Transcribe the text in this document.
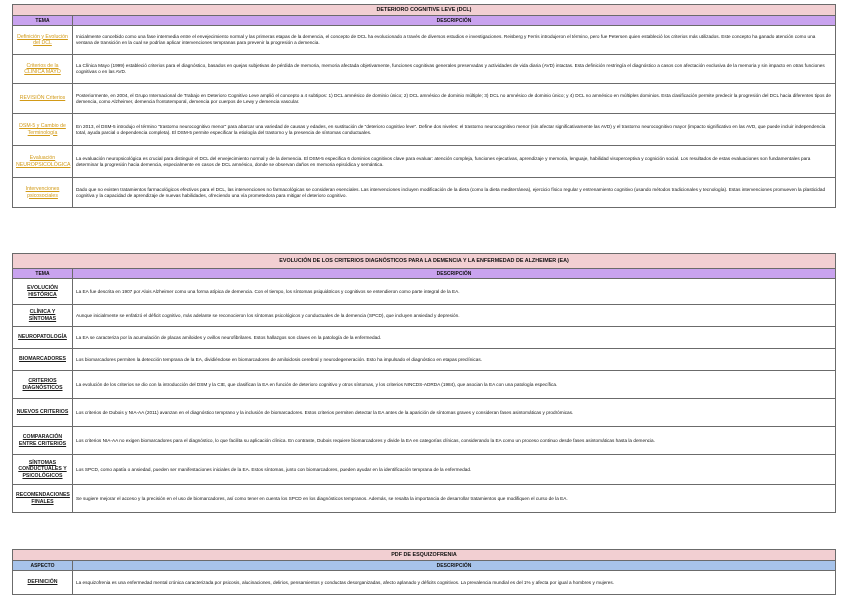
DETERIORO COGNITIVE LEVE (DCL)	
TEMA	DESCRIPCIÓN
Definición y Evolución del DCL	Inicialmente concebido como una fase intermedia entre el envejecimiento normal y las primeras etapas de la demencia, el concepto de DCL ha evolucionado a través de diversos estudios e investigaciones. Reisberg y Ferris introdujeron el término, pero fue Petersen quien estableció los criterios más utilizados. Este concepto ha ganado atención como una ventana de transición en la cual se podrían aplicar intervenciones tempranas para prevenir la progresión a demencia.
Criterios de la CLÍNICA MAYO	La Clínica Mayo (1999) estableció criterios para el diagnóstico, basados en quejas subjetivas de pérdida de memoria, memoria afectada objetivamente, funciones cognitivas generales preservadas y actividades de vida diaria (AVD) intactas. Esta definición restringía el diagnóstico a casos con afectación exclusiva de la memoria y sin impacto en otras funciones cognitivas o en las AVD.
REVISIÓN Criterios	Posteriormente, en 2004, el Grupo Internacional de Trabajo en Deterioro Cognitivo Leve amplió el concepto a 4 subtipos: 1) DCL amnésico de dominio único; 2) DCL amnésico de dominio múltiple; 3) DCL no amnésico de dominio único; y 4) DCL no amnésico en múltiples dominios. Esta clasificación permite predecir la progresión del DCL hacia diferentes tipos de demencia, como Alzheimer, demencia frontotemporal, demencia por cuerpos de Lewy y demencia vascular.
DSM-5 y Cambio de Terminología	En 2013, el DSM-5 introdujo el término "trastorno neurocognitivo menor" para abarcar una variedad de causas y edades, en sustitución de "deterioro cognitivo leve". Define dos niveles: el trastorno neurocognitivo menor (sin afectar significativamente las AVD) y el trastorno neurocognitivo mayor (impacto significativo en las AVD, que puede incluir independencia total, ayuda parcial o dependencia completa). El DSM-5 permite especificar la etiología del trastorno y la presencia de síntomas conductuales.
Evaluación NEUROPSICOLÓGICA	La evaluación neuropsicológica es crucial para distinguir el DCL del envejecimiento normal y de la demencia. El DSM-5 especifica 6 dominios cognitivos clave para evaluar: atención compleja, funciones ejecutivas, aprendizaje y memoria, lenguaje, habilidad visoperceptiva y cognición social. Los resultados de estas evaluaciones son fundamentales para determinar la progresión hacia demencia, especialmente en casos de DCL amnésico, donde se observan daños en memoria episódica y semántica.
Intervenciones psicosociales	Dado que no existen tratamientos farmacológicos efectivos para el DCL, las intervenciones no farmacológicas se consideran esenciales. Las intervenciones incluyen modificación de la dieta (como la dieta mediterránea), ejercicio físico regular y entrenamiento cognitivo (usando métodos tradicionales y tecnología). Estas intervenciones promueven la plasticidad cognitiva y la capacidad de aprendizaje de nuevas habilidades, ofreciendo una vía prometedora para mitigar el deterioro cognitivo.
EVOLUCIÓN DE LOS CRITERIOS DIAGNÓSTICOS PARA LA DEMENCIA Y LA ENFERMEDAD DE ALZHEIMER (EA)	
TEMA	DESCRIPCIÓN
EVOLUCIÓN HISTÓRICA	La EA fue descrita en 1907 por Alois Alzheimer como una forma atípica de demencia. Con el tiempo, los síntomas psiquiátricos y cognitivos se entendieron como parte integral de la EA.
CLÍNICA Y SÍNTOMAS	Aunque inicialmente se enfatizó el déficit cognitivo, más adelante se reconocieron los síntomas psicológicos y conductuales de la demencia (SPCD), que incluyen ansiedad y depresión.
NEUROPATOLOGÍA	La EA se caracteriza por la acumulación de placas amiloides y ovillos neurofibrilares. Estos hallazgos son claves en la patología de la enfermedad.
BIOMARCADORES	Los biomarcadores permiten la detección temprana de la EA, dividiéndose en biomarcadores de amiloidosis cerebral y neurodegeneración. Esto ha impulsado el diagnóstico en etapas preclínicas.
CRITERIOS DIAGNÓSTICOS	La evolución de los criterios se dio con la introducción del DSM y la CIE, que clasifican la EA en función de deterioro cognitivo y otros síntomas, y los criterios NINCDS-ADRDA (1984), que asocian la EA con una patología específica.
NUEVOS CRITERIOS	Los criterios de Dubois y NIA-AA (2011) avanzan en el diagnóstico temprano y la inclusión de biomarcadores. Estos criterios permiten detectar la EA antes de la aparición de síntomas graves y consideran fases asintomáticas y prodrómicas.
COMPARACIÓN ENTRE CRITERIOS	Los criterios NIA-AA no exigen biomarcadores para el diagnóstico, lo que facilita su aplicación clínica. En contraste, Dubois requiere biomarcadores y divide la EA en categorías clínicas, considerando la EA como un proceso continuo desde fases asintomáticas hasta la demencia.
SÍNTOMAS CONDUCTUALES Y PSICOLÓGICOS	Los SPCD, como apatía o ansiedad, pueden ser manifestaciones iniciales de la EA. Estos síntomas, junto con biomarcadores, pueden ayudar en la identificación temprana de la enfermedad.
RECOMENDACIONES FINALES	Se sugiere mejorar el acceso y la precisión en el uso de biomarcadores, así como tener en cuenta los SPCD en los diagnósticos tempranos. Además, se resalta la importancia de desarrollar tratamientos que modifiquen el curso de la EA.
PDF DE ESQUIZOFRENIA	
ASPECTO	DESCRIPCIÓN
DEFINICIÓN	La esquizofrenia es una enfermedad mental crónica caracterizada por psicosis, alucinaciones, delirios, pensamientos y conductas desorganizadas, afecto aplanado y déficits cognitivos. La prevalencia mundial es del 1% y afecta por igual a hombres y mujeres.
